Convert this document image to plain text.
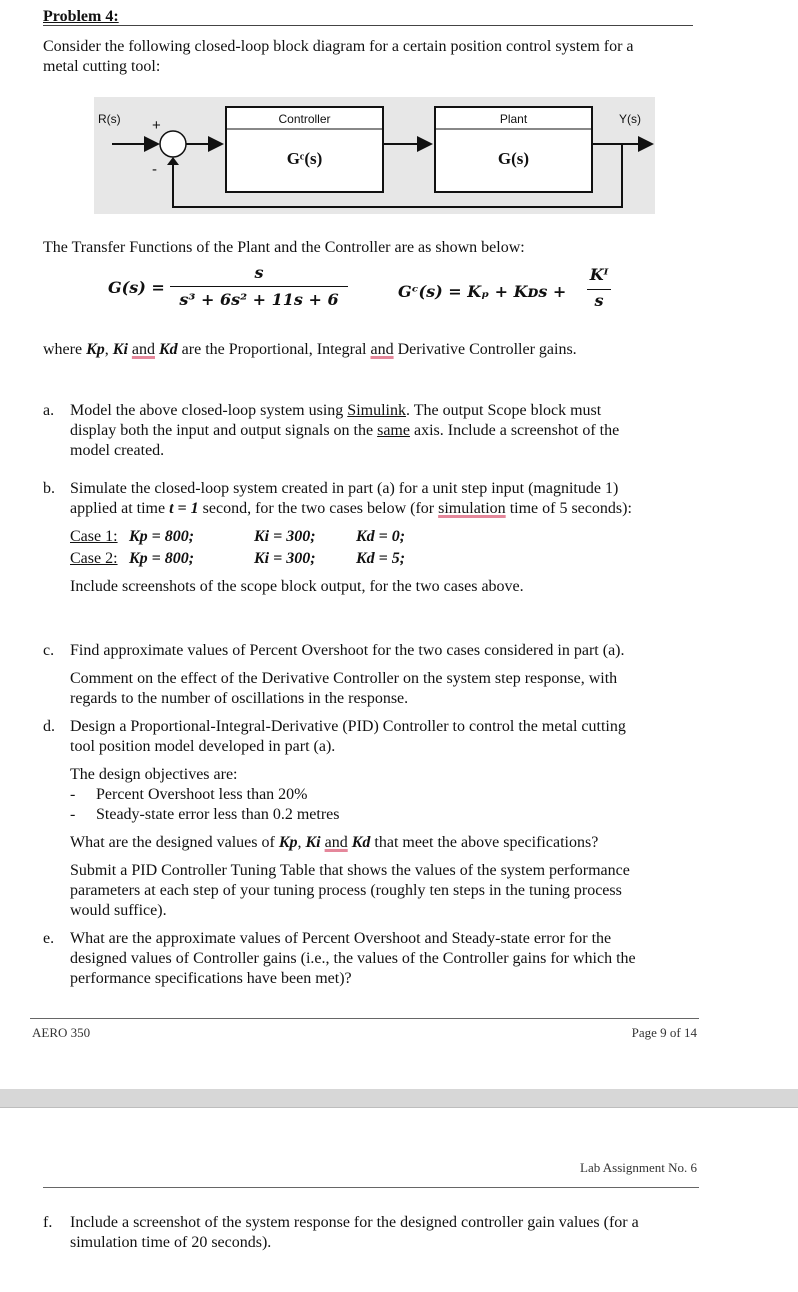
Problem 4:
Consider the following closed-loop block diagram for a certain position control system for a
metal cutting tool:
R(s) +
-
Controller
Gᶜ(s)
Plant
G(s)
Y(s)
The Transfer Functions of the Plant and the Controller are as shown below:
G(s) =
s
s³ + 6s² + 11s + 6	Gᶜ(s) = Kₚ + Kᴅs +
Kᴵ
s
where Kp, Ki and Kd are the Proportional, Integral and Derivative Controller gains.
a. Model the above closed-loop system using Simulink. The output Scope block must
display both the input and output signals on the same axis. Include a screenshot of the
model created.
b. Simulate the closed-loop system created in part (a) for a unit step input (magnitude 1)
applied at time t = 1 second, for the two cases below (for simulation time of 5 seconds):
Case 1: Kp = 800;	Ki = 300;	Kd = 0;
Case 2: Kp = 800;	Ki = 300;	Kd = 5;
Include screenshots of the scope block output, for the two cases above.
c. Find approximate values of Percent Overshoot for the two cases considered in part (a).
Comment on the effect of the Derivative Controller on the system step response, with
regards to the number of oscillations in the response.
d. Design a Proportional-Integral-Derivative (PID) Controller to control the metal cutting
tool position model developed in part (a).
The design objectives are:
- Percent Overshoot less than 20%
- Steady-state error less than 0.2 metres
What are the designed values of Kp, Ki and Kd that meet the above specifications?
Submit a PID Controller Tuning Table that shows the values of the system performance
parameters at each step of your tuning process (roughly ten steps in the tuning process
would suffice).
e. What are the approximate values of Percent Overshoot and Steady-state error for the
designed values of Controller gains (i.e., the values of the Controller gains for which the
performance specifications have been met)?
AERO 350	Page 9 of 14
Lab Assignment No. 6
f.	Include a screenshot of the system response for the designed controller gain values (for a
simulation time of 20 seconds).
